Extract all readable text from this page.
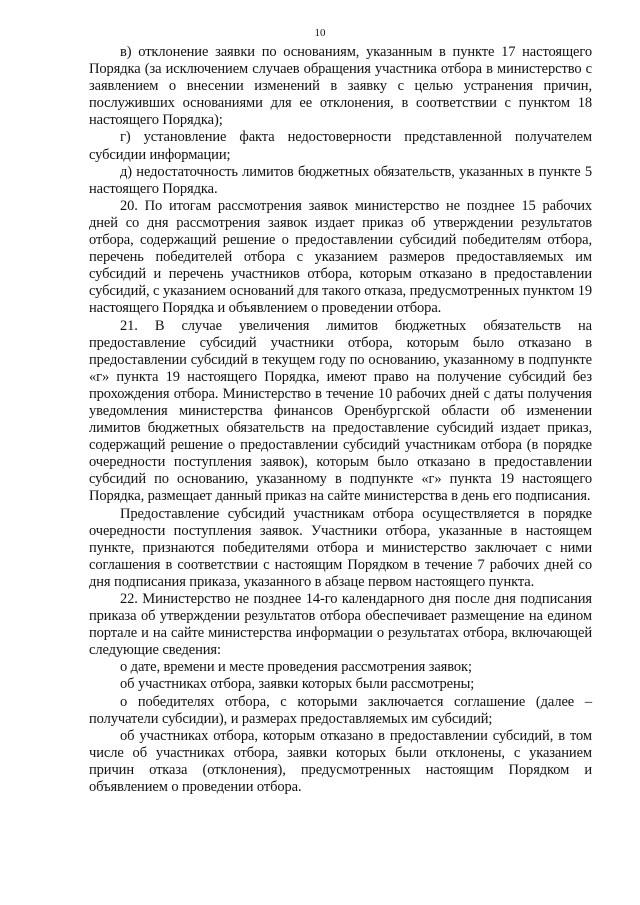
10

в) отклонение заявки по основаниям, указанным в пункте 17 настоящего Порядка (за исключением случаев обращения участника отбора в министерство с заявлением о внесении изменений в заявку с целью устранения причин, послуживших основаниями для ее отклонения, в соответствии с пунктом 18 настоящего Порядка);

г) установление факта недостоверности представленной получателем субсидии информации;

д) недостаточность лимитов бюджетных обязательств, указанных в пункте 5 настоящего Порядка.

20. По итогам рассмотрения заявок министерство не позднее 15 рабочих дней со дня рассмотрения заявок издает приказ об утверждении результатов отбора, содержащий решение о предоставлении субсидий победителям отбора, перечень победителей отбора с указанием размеров предоставляемых им субсидий и перечень участников отбора, которым отказано в предоставлении субсидий, с указанием оснований для такого отказа, предусмотренных пунктом 19 настоящего Порядка и объявлением о проведении отбора.

21. В случае увеличения лимитов бюджетных обязательств на предоставление субсидий участники отбора, которым было отказано в предоставлении субсидий в текущем году по основанию, указанному в подпункте «г» пункта 19 настоящего Порядка, имеют право на получение субсидий без прохождения отбора. Министерство в течение 10 рабочих дней с даты получения уведомления министерства финансов Оренбургской области об изменении лимитов бюджетных обязательств на предоставление субсидий издает приказ, содержащий решение о предоставлении субсидий участникам отбора (в порядке очередности поступления заявок), которым было отказано в предоставлении субсидий по основанию, указанному в подпункте «г» пункта 19 настоящего Порядка, размещает данный приказ на сайте министерства в день его подписания.

Предоставление субсидий участникам отбора осуществляется в порядке очередности поступления заявок. Участники отбора, указанные в настоящем пункте, признаются победителями отбора и министерство заключает с ними соглашения в соответствии с настоящим Порядком в течение 7 рабочих дней со дня подписания приказа, указанного в абзаце первом настоящего пункта.

22. Министерство не позднее 14-го календарного дня после дня подписания приказа об утверждении результатов отбора обеспечивает размещение на едином портале и на сайте министерства информации о результатах отбора, включающей следующие сведения:

о дате, времени и месте проведения рассмотрения заявок;

об участниках отбора, заявки которых были рассмотрены;

о победителях отбора, с которыми заключается соглашение (далее – получатели субсидии), и размерах предоставляемых им субсидий;

об участниках отбора, которым отказано в предоставлении субсидий, в том числе об участниках отбора, заявки которых были отклонены, с указанием причин отказа (отклонения), предусмотренных настоящим Порядком и объявлением о проведении отбора.
